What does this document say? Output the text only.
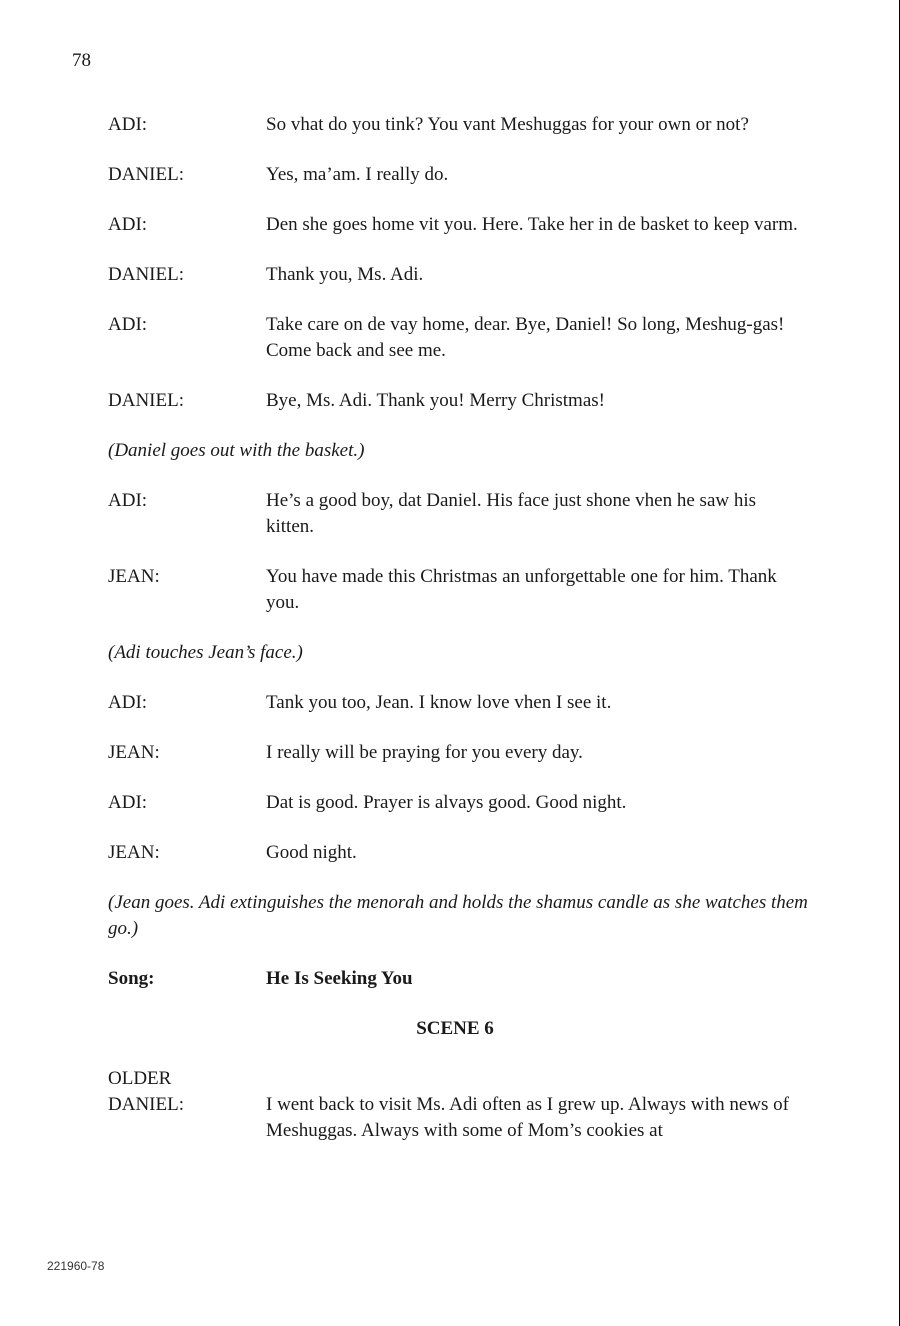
78
ADI:	So vhat do you tink? You vant Meshuggas for your own or not?
DANIEL:	Yes, ma’am. I really do.
ADI:	Den she goes home vit you. Here. Take her in de basket to keep varm.
DANIEL:	Thank you, Ms. Adi.
ADI:	Take care on de vay home, dear. Bye, Daniel! So long, Meshug-gas! Come back and see me.
DANIEL:	Bye, Ms. Adi. Thank you! Merry Christmas!
(Daniel goes out with the basket.)
ADI:	He’s a good boy, dat Daniel. His face just shone vhen he saw his kitten.
JEAN:	You have made this Christmas an unforgettable one for him. Thank you.
(Adi touches Jean’s face.)
ADI:	Tank you too, Jean. I know love vhen I see it.
JEAN:	I really will be praying for you every day.
ADI:	Dat is good. Prayer is alvays good. Good night.
JEAN:	Good night.
(Jean goes. Adi extinguishes the menorah and holds the shamus candle as she watches them go.)
Song:	He Is Seeking You
SCENE 6
OLDER
DANIEL:	I went back to visit Ms. Adi often as I grew up. Always with news of Meshuggas. Always with some of Mom’s cookies at
221960-78
